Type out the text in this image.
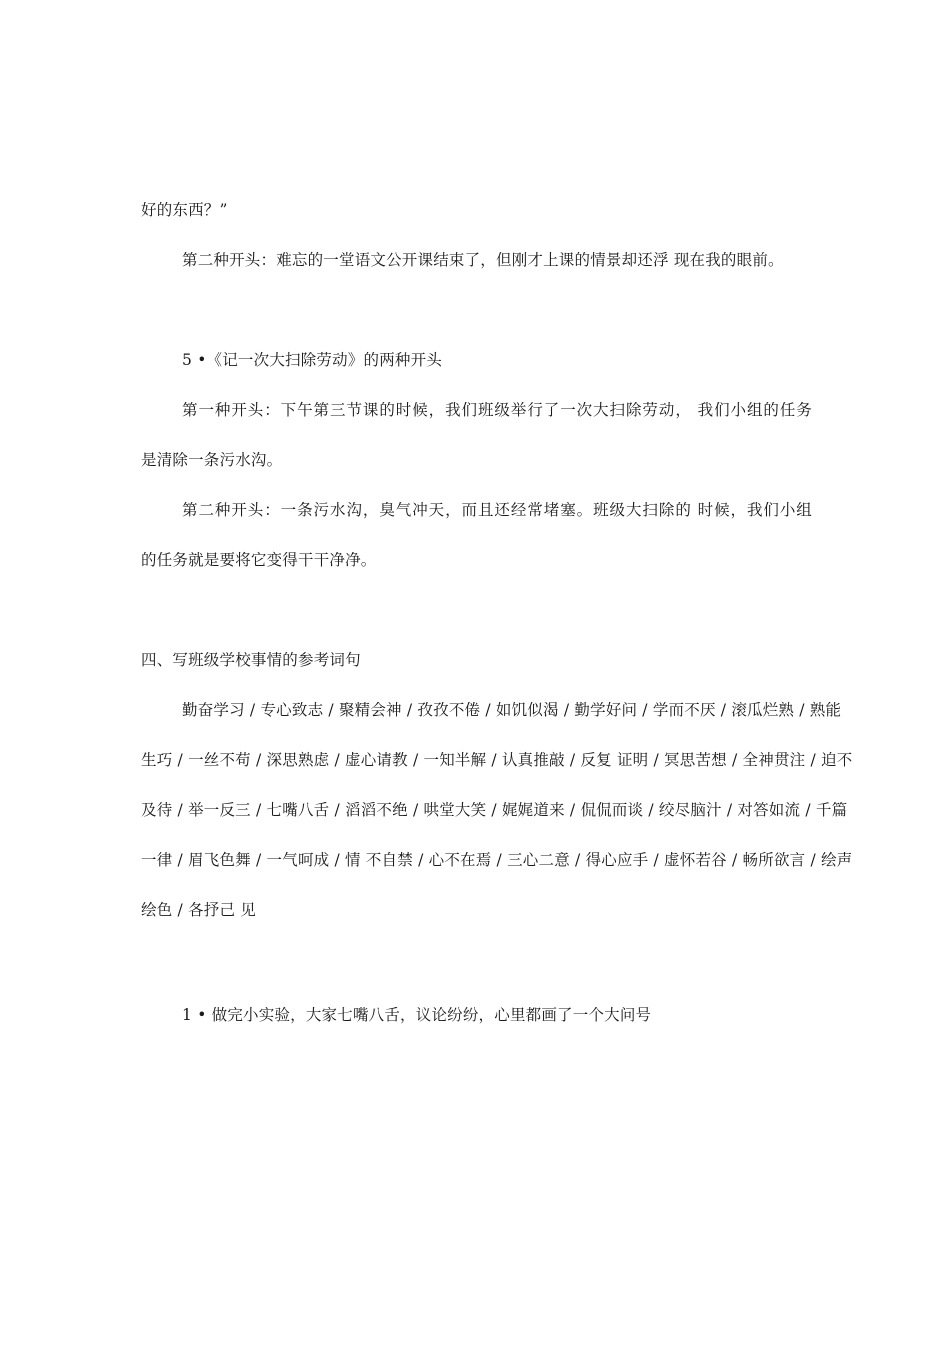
好的东西？”
第二种开头：难忘的一堂语文公开课结束了，但刚才上课的情景却还浮 现在我的眼前。
5 •《记一次大扫除劳动》的两种开头
第一种开头：下午第三节课的时候，我们班级举行了一次大扫除劳动， 我们小组的任务
是清除一条污水沟。
第二种开头：一条污水沟，臭气冲天，而且还经常堵塞。班级大扫除的 时候，我们小组
的任务就是要将它变得干干净净。
四、写班级学校事情的参考词句
勤奋学习 / 专心致志 / 聚精会神 / 孜孜不倦 / 如饥似渴 / 勤学好问 / 学而不厌 / 滚瓜烂熟 / 熟能
生巧 / 一丝不苟 / 深思熟虑 / 虚心请教 / 一知半解 / 认真推敲 / 反复 证明 / 冥思苦想 / 全神贯注 / 迫不
及待 / 举一反三 / 七嘴八舌 / 滔滔不绝 / 哄堂大笑 / 娓娓道来 / 侃侃而谈 / 绞尽脑汁 / 对答如流 / 千篇
一律 / 眉飞色舞 / 一气呵成 / 情 不自禁 / 心不在焉 / 三心二意 / 得心应手 / 虚怀若谷 / 畅所欲言 / 绘声
绘色 / 各抒己 见
1 • 做完小实验，大家七嘴八舌，议论纷纷，心里都画了一个大问号
